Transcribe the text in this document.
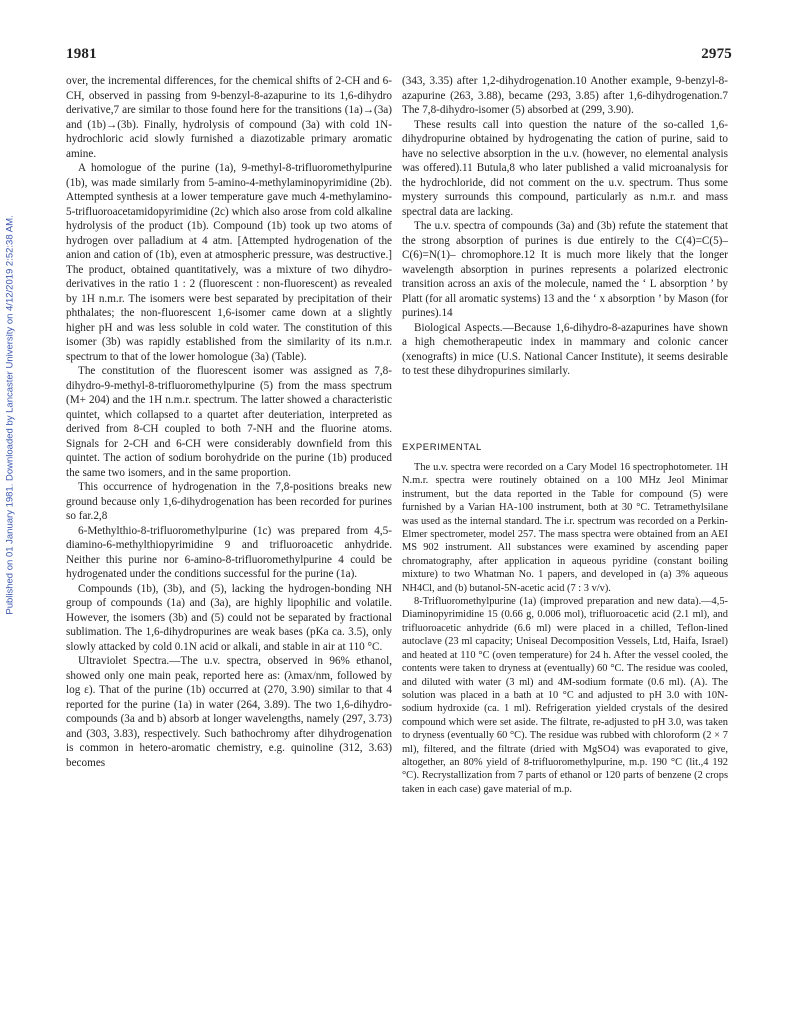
1981	2975
Published on 01 January 1981. Downloaded by Lancaster University on 4/12/2019 2:52:38 AM.

over, the incremental differences, for the chemical shifts of 2-CH and 6-CH, observed in passing from 9-benzyl-8-azapurine to its 1,6-dihydro derivative,7 are similar to those found here for the transitions (1a)→(3a) and (1b)→(3b). Finally, hydrolysis of compound (3a) with cold 1N-hydrochloric acid slowly furnished a diazotizable primary aromatic amine.

A homologue of the purine (1a), 9-methyl-8-trifluoromethylpurine (1b), was made similarly from 5-amino-4-methylaminopyrimidine (2b). Attempted synthesis at a lower temperature gave much 4-methylamino-5-trifluoroacetamidopyrimidine (2c) which also arose from cold alkaline hydrolysis of the product (1b). Compound (1b) took up two atoms of hydrogen over palladium at 4 atm. [Attempted hydrogenation of the anion and cation of (1b), even at atmospheric pressure, was destructive.] The product, obtained quantitatively, was a mixture of two dihydro-derivatives in the ratio 1 : 2 (fluorescent : non-fluorescent) as revealed by 1H n.m.r. The isomers were best separated by precipitation of their phthalates; the non-fluorescent 1,6-isomer came down at a slightly higher pH and was less soluble in cold water. The constitution of this isomer (3b) was rapidly established from the similarity of its n.m.r. spectrum to that of the lower homologue (3a) (Table).

The constitution of the fluorescent isomer was assigned as 7,8-dihydro-9-methyl-8-trifluoromethylpurine (5) from the mass spectrum (M+ 204) and the 1H n.m.r. spectrum. The latter showed a characteristic quintet, which collapsed to a quartet after deuteriation, interpreted as derived from 8-CH coupled to both 7-NH and the fluorine atoms. Signals for 2-CH and 6-CH were considerably downfield from this quintet. The action of sodium borohydride on the purine (1b) produced the same two isomers, and in the same proportion.

This occurrence of hydrogenation in the 7,8-positions breaks new ground because only 1,6-dihydrogenation has been recorded for purines so far.2,8

6-Methylthio-8-trifluoromethylpurine (1c) was prepared from 4,5-diamino-6-methylthiopyrimidine 9 and trifluoroacetic anhydride. Neither this purine nor 6-amino-8-trifluoromethylpurine 4 could be hydrogenated under the conditions successful for the purine (1a).

Compounds (1b), (3b), and (5), lacking the hydrogen-bonding NH group of compounds (1a) and (3a), are highly lipophilic and volatile. However, the isomers (3b) and (5) could not be separated by fractional sublimation. The 1,6-dihydropurines are weak bases (pKa ca. 3.5), only slowly attacked by cold 0.1N acid or alkali, and stable in air at 110 °C.

Ultraviolet Spectra.—The u.v. spectra, observed in 96% ethanol, showed only one main peak, reported here as: (λmax/nm, followed by log ε). That of the purine (1b) occurred at (270, 3.90) similar to that 4 reported for the purine (1a) in water (264, 3.89). The two 1,6-dihydro-compounds (3a and b) absorb at longer wavelengths, namely (297, 3.73) and (303, 3.83), respectively. Such bathochromy after dihydrogenation is common in hetero-aromatic chemistry, e.g. quinoline (312, 3.63) becomes

(343, 3.35) after 1,2-dihydrogenation.10 Another example, 9-benzyl-8-azapurine (263, 3.88), became (293, 3.85) after 1,6-dihydrogenation.7 The 7,8-dihydro-isomer (5) absorbed at (299, 3.90).

These results call into question the nature of the so-called 1,6-dihydropurine obtained by hydrogenating the cation of purine, said to have no selective absorption in the u.v. (however, no elemental analysis was offered).11 Butula,8 who later published a valid microanalysis for the hydrochloride, did not comment on the u.v. spectrum. Thus some mystery surrounds this compound, particularly as n.m.r. and mass spectral data are lacking.

The u.v. spectra of compounds (3a) and (3b) refute the statement that the strong absorption of purines is due entirely to the C(4)=C(5)–C(6)=N(1)– chromophore.12 It is much more likely that the longer wavelength absorption in purines represents a polarized electronic transition across an axis of the molecule, named the ‘ L absorption ’ by Platt (for all aromatic systems) 13 and the ‘ x absorption ’ by Mason (for purines).14

Biological Aspects.—Because 1,6-dihydro-8-azapurines have shown a high chemotherapeutic index in mammary and colonic cancer (xenografts) in mice (U.S. National Cancer Institute), it seems desirable to test these dihydropurines similarly.

EXPERIMENTAL

The u.v. spectra were recorded on a Cary Model 16 spectrophotometer. 1H N.m.r. spectra were routinely obtained on a 100 MHz Jeol Minimar instrument, but the data reported in the Table for compound (5) were furnished by a Varian HA-100 instrument, both at 30 °C. Tetramethylsilane was used as the internal standard. The i.r. spectrum was recorded on a Perkin-Elmer spectrometer, model 257. The mass spectra were obtained from an AEI MS 902 instrument. All substances were examined by ascending paper chromatography, after application in aqueous pyridine (constant boiling mixture) to two Whatman No. 1 papers, and developed in (a) 3% aqueous NH4Cl, and (b) butanol-5N-acetic acid (7 : 3 v/v).

8-Trifluoromethylpurine (1a) (improved preparation and new data).—4,5-Diaminopyrimidine 15 (0.66 g, 0.006 mol), trifluoroacetic acid (2.1 ml), and trifluoroacetic anhydride (6.6 ml) were placed in a chilled, Teflon-lined autoclave (23 ml capacity; Uniseal Decomposition Vessels, Ltd, Haifa, Israel) and heated at 110 °C (oven temperature) for 24 h. After the vessel cooled, the contents were taken to dryness at (eventually) 60 °C. The residue was cooled, and diluted with water (3 ml) and 4M-sodium formate (0.6 ml). (A). The solution was placed in a bath at 10 °C and adjusted to pH 3.0 with 10N-sodium hydroxide (ca. 1 ml). Refrigeration yielded crystals of the desired compound which were set aside. The filtrate, re-adjusted to pH 3.0, was taken to dryness (eventually 60 °C). The residue was rubbed with chloroform (2 × 7 ml), filtered, and the filtrate (dried with MgSO4) was evaporated to give, altogether, an 80% yield of 8-trifluoromethylpurine, m.p. 190 °C (lit.,4 192 °C). Recrystallization from 7 parts of ethanol or 120 parts of benzene (2 crops taken in each case) gave material of m.p.
